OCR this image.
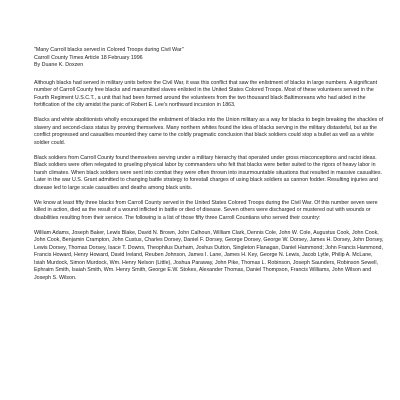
"Many Carroll blacks served in Colored Troops during Civil War"

Carroll County Times Article 18 February 1996

By Duane K. Doxzen

Although blacks had served in military units before the Civil War, it was this conflict that saw the enlistment of blacks in large numbers. A significant number of Carroll County free blacks and manumitted slaves enlisted in the United States Colored Troops. Most of these volunteers served in the Fourth Regiment U.S.C.T., a unit that had been formed around the volunteers from the two thousand black Baltimoreans who had aided in the fortification of the city amidst the panic of Robert E. Lee's northward incursion in 1863.

Blacks and white abolitionists wholly encouraged the enlistment of blacks into the Union military as a way for blacks to begin breaking the shackles of slavery and second-class status by proving themselves. Many northern whites found the idea of blacks serving in the military distasteful, but as the conflict progressed and casualties mounted they came to the coldly pragmatic conclusion that black soldiers could stop a bullet as well as a white soldier could.

Black soldiers from Carroll County found themselves serving under a military hierarchy that operated under gross misconceptions and racist ideas. Black soldiers were often relegated to grueling physical labor by commanders who felt that blacks were better suited to the rigors of heavy labor in harsh climates. When black soldiers were sent into combat they were often thrown into insurmountable situations that resulted in massive casualties. Later in the war U.S. Grant admitted to changing battle strategy to forestall charges of using black soldiers as cannon fodder. Resulting injuries and disease led to large scale casualties and deaths among black units.

We know at least fifty three blacks from Carroll County served in the United States Colored Troops during the Civil War. Of this number seven were killed in action, died as the result of a wound inflicted in battle or died of disease. Seven others were discharged or mustered out with wounds or disabilities resulting from their service. The following is a list of those fifty three Carroll Countians who served their country:

William Adams, Joseph Baker, Lewis Blake, David N. Brown, John Calhoun, William Clark, Dennis Cole, John W. Cole, Augustus Cook, John Cook, John Cook, Benjamin Crampton, John Custus, Charles Dorsey, Daniel F. Dorsey, George Dorsey, George W. Dorsey, James H. Dorsey, John Dorsey, Lewis Dorsey, Thomas Dorsey, Isace T. Downs, Theophilus Durham, Joshus Dutton, Singleton Flanagan, Daniel Hammond; John Francis Hammond, Francis Howard, Henry Howard, David Ireland, Reuben Johnson, James I. Lane, James H. Key, George N. Lewis, Jacob Lytle, Philip A. McLane, Isiah Murdock, Simon Murdock, Wm. Henry Nelson (Little), Joshua Paraway, John Pike, Thomas L. Robinson, Joseph Saunders, Robinson Sewell, Ephraim Smith, Isaiah Smith, Wm. Henry Smith, George E.W. Stokes, Alexander Thomas, Daniel Thompson, Francis Williams, John Wilson and Joseph S. Wilson.
